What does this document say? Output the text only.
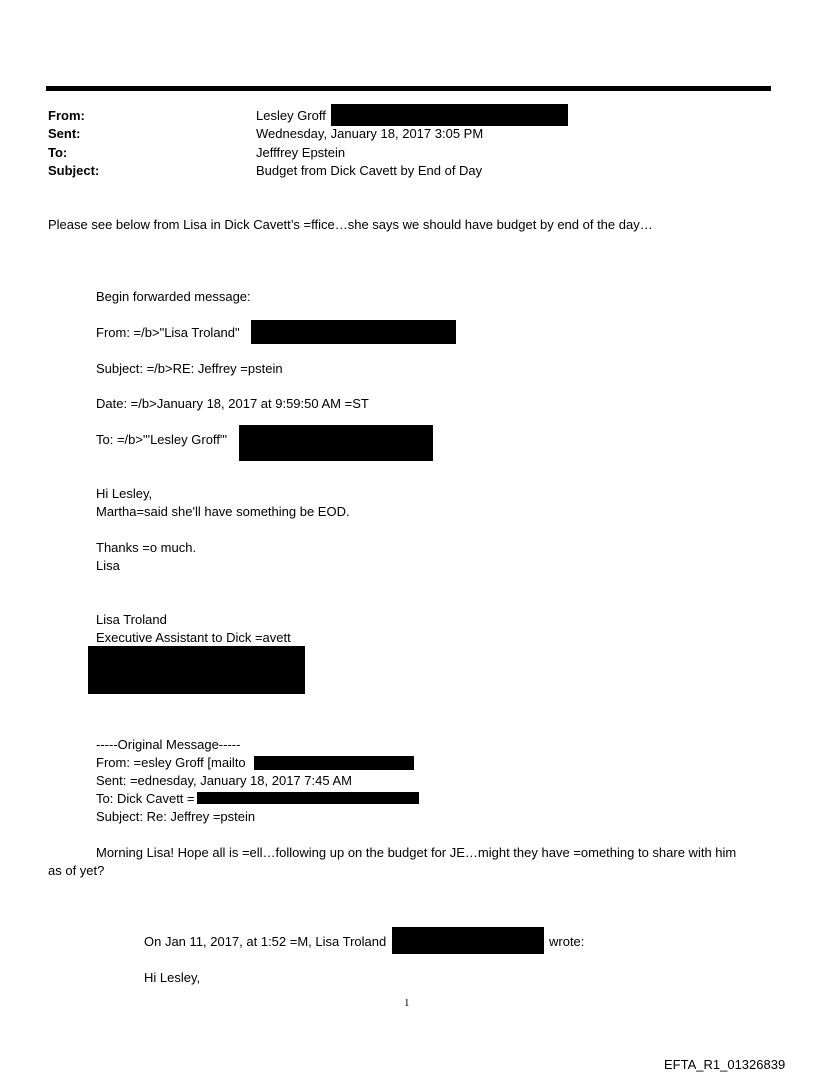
From:	Lesley Groff
Sent:	Wednesday, January 18, 2017 3:05 PM
To:	Jefffrey Epstein
Subject:	Budget from Dick Cavett by End of Day
Please see below from Lisa in Dick Cavett’s =ffice…she says we should have budget by end of the day…
Begin forwarded message:
From: =/b>"Lisa Troland"
Subject: =/b>RE: Jeffrey =pstein
Date: =/b>January 18, 2017 at 9:59:50 AM =ST
To: =/b>"'Lesley Groff'"
Hi Lesley,
Martha=said she'll have something be EOD.
Thanks =o much.
Lisa
Lisa Troland
Executive Assistant to Dick =avett
-----Original Message-----
From: =esley Groff [mailto
Sent: =ednesday, January 18, 2017 7:45 AM
To: Dick Cavett =
Subject: Re: Jeffrey =pstein
Morning Lisa! Hope all is =ell…following up on the budget for JE…might they have =omething to share with him
as of yet?
On Jan 11, 2017, at 1:52 =M, Lisa Troland	wrote:
Hi Lesley,
1
EFTA_R1_01326839
